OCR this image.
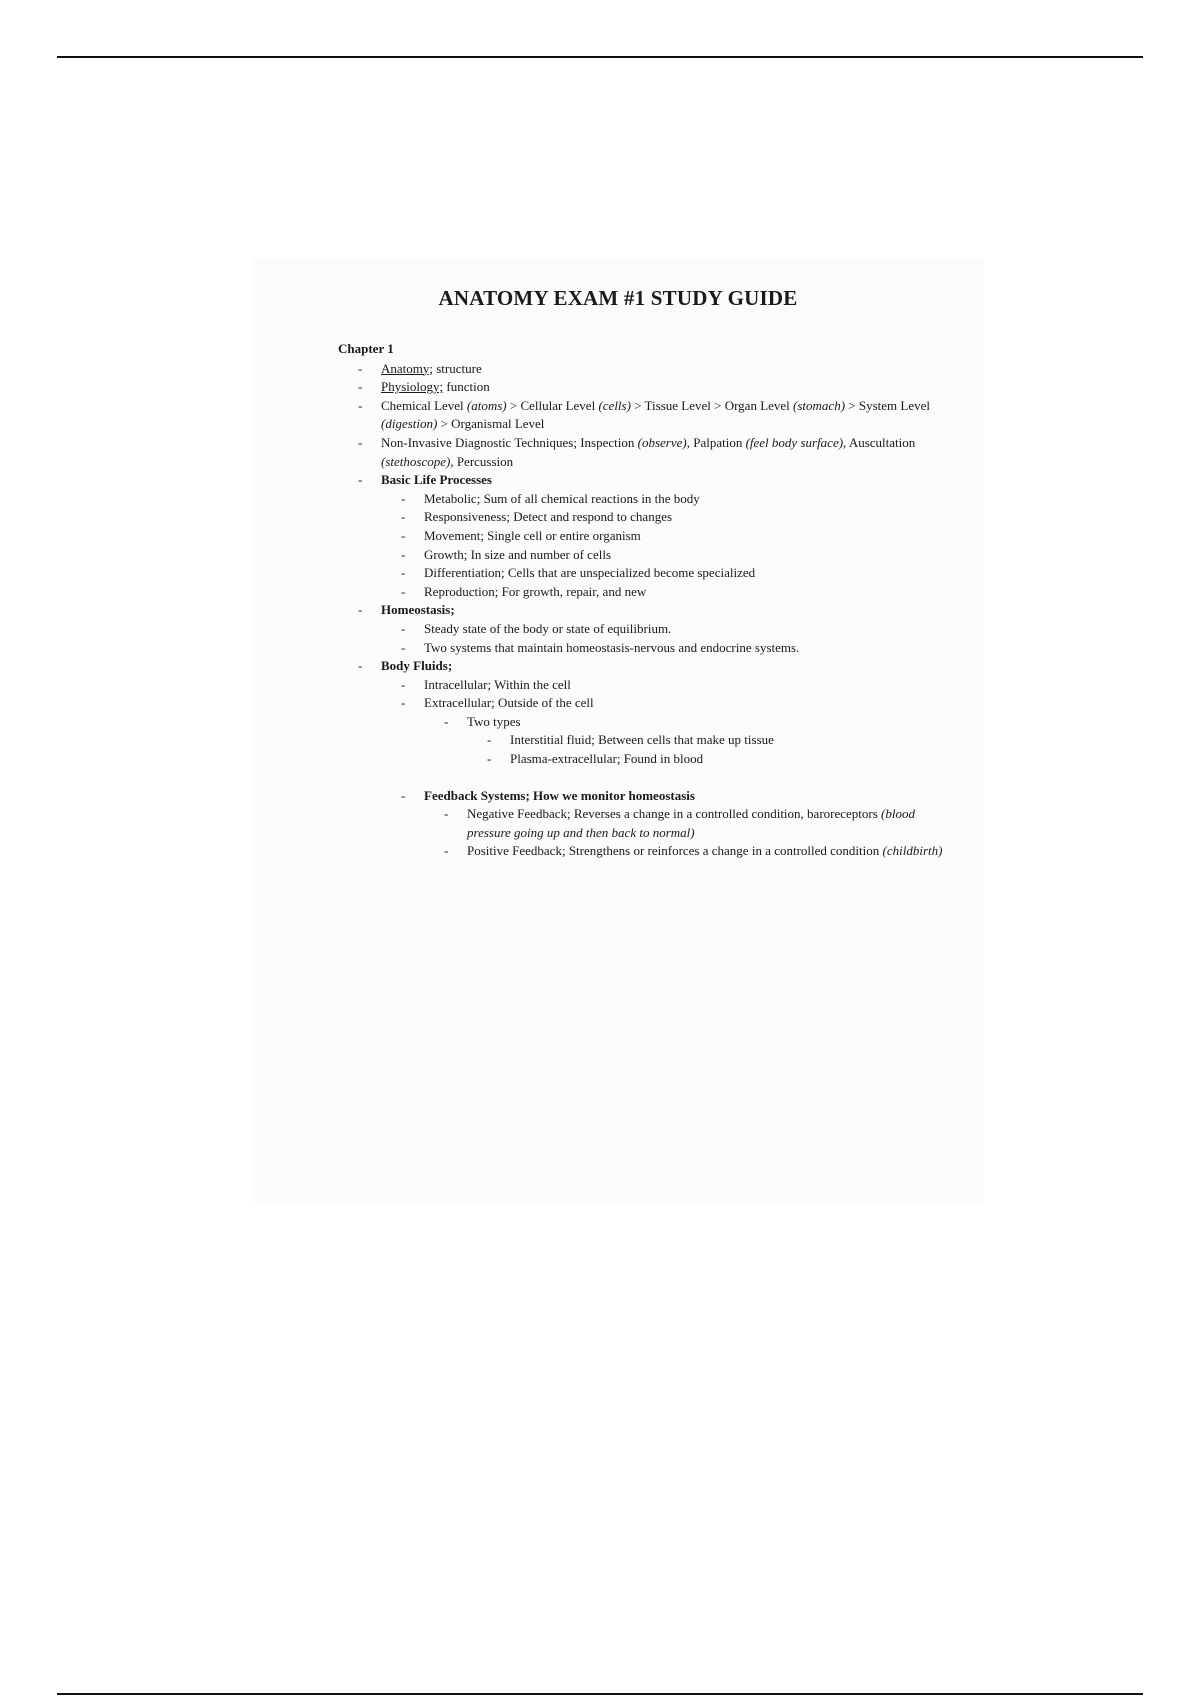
ANATOMY EXAM #1 STUDY GUIDE
Chapter 1
- Anatomy; structure
- Physiology; function
- Chemical Level (atoms) > Cellular Level (cells) > Tissue Level > Organ Level (stomach) > System Level (digestion) > Organismal Level
- Non-Invasive Diagnostic Techniques; Inspection (observe), Palpation (feel body surface), Auscultation (stethoscope), Percussion
- Basic Life Processes
- Metabolic; Sum of all chemical reactions in the body
- Responsiveness; Detect and respond to changes
- Movement; Single cell or entire organism
- Growth; In size and number of cells
- Differentiation; Cells that are unspecialized become specialized
- Reproduction; For growth, repair, and new
- Homeostasis;
- Steady state of the body or state of equilibrium.
- Two systems that maintain homeostasis-nervous and endocrine systems.
- Body Fluids;
- Intracellular; Within the cell
- Extracellular; Outside of the cell
- Two types
- Interstitial fluid; Between cells that make up tissue
- Plasma-extracellular; Found in blood
- Feedback Systems; How we monitor homeostasis
- Negative Feedback; Reverses a change in a controlled condition, baroreceptors (blood pressure going up and then back to normal)
- Positive Feedback; Strengthens or reinforces a change in a controlled condition (childbirth)
